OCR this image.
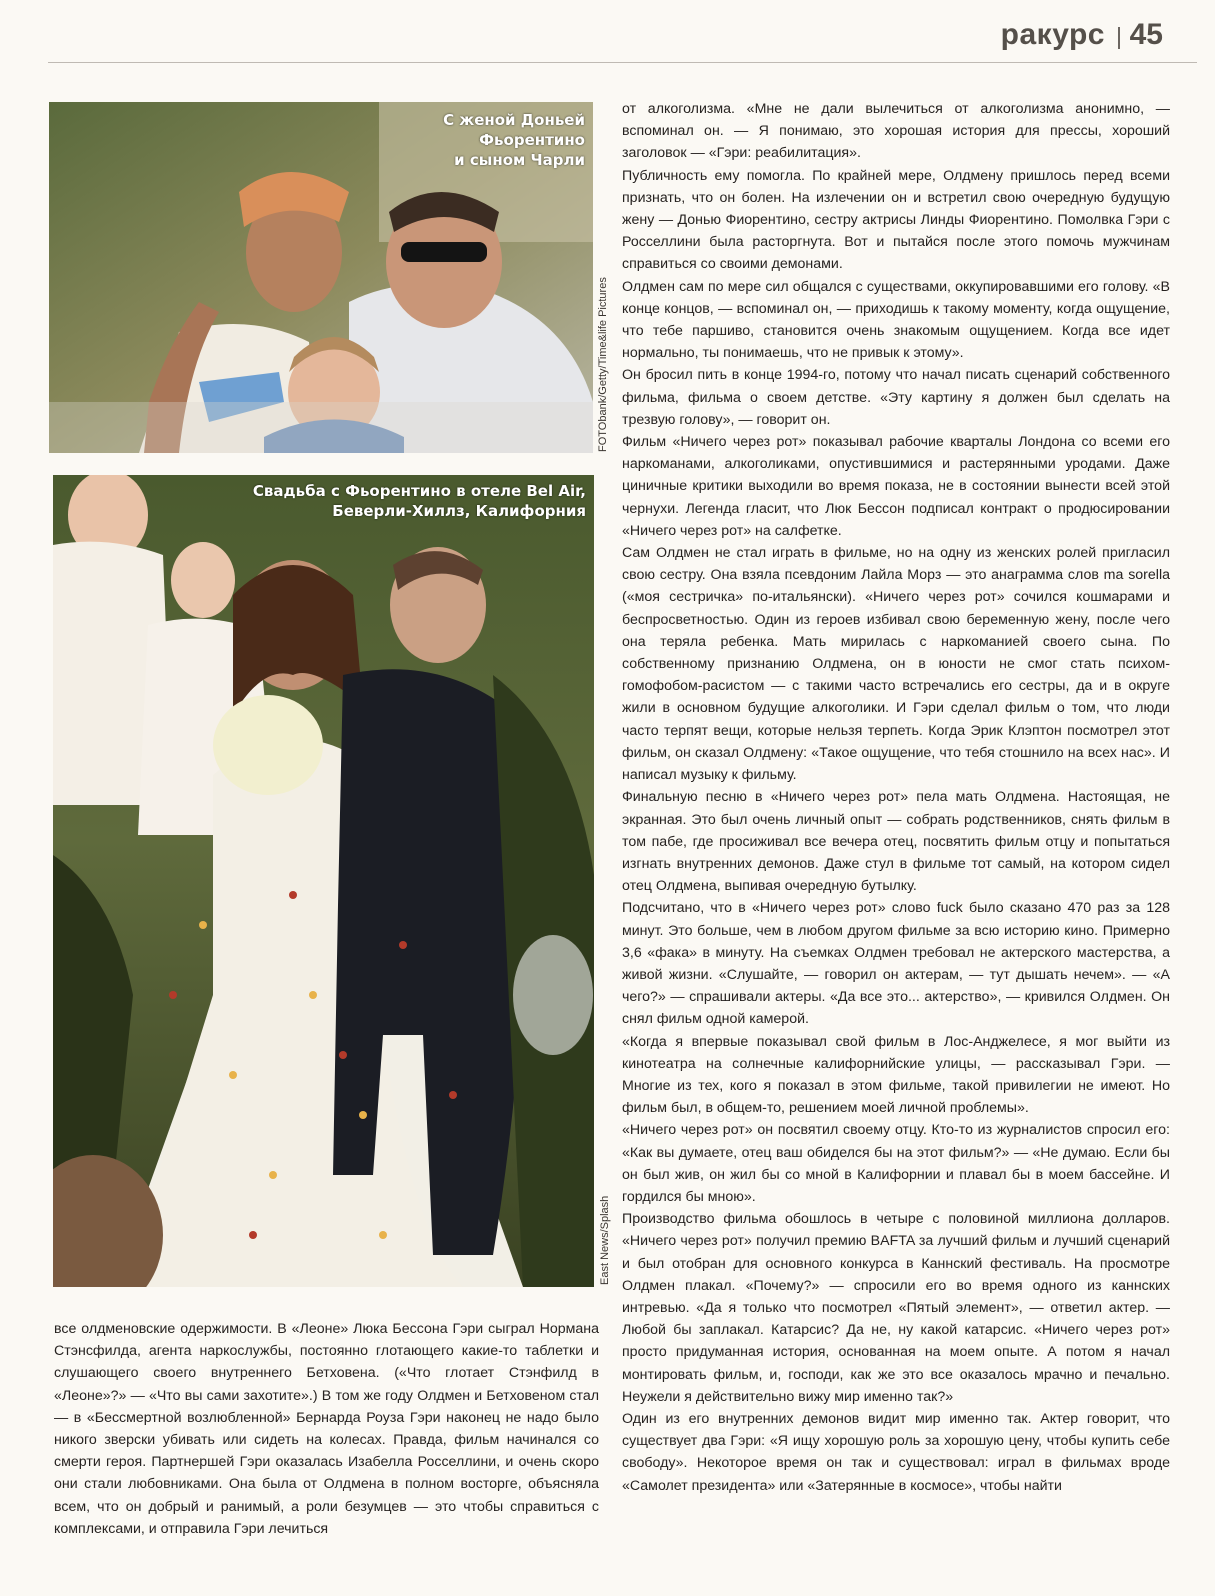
ракурс 45
С женой Доньей
Фьорентино
и сыном Чарли
FOTObank/Getty/Time&life Pictures
Свадьба с Фьорентино в отеле Bel Air,
Беверли-Хиллз, Калифорния
East News/Splash

от алкоголизма. «Мне не дали вылечиться от алкоголизма анонимно, — вспоминал он. — Я понимаю, это хорошая история для прессы, хороший заголовок — «Гэри: реабилитация».

Публичность ему помогла. По крайней мере, Олдмену пришлось перед всеми признать, что он болен. На излечении он и встретил свою очередную будущую жену — Донью Фиорентино, сестру актрисы Линды Фиорентино. Помолвка Гэри с Росселлини была расторгнута. Вот и пытайся после этого помочь мужчинам справиться со своими демонами.

Олдмен сам по мере сил общался с существами, оккупировавшими его голову. «В конце концов, — вспоминал он, — приходишь к такому моменту, когда ощущение, что тебе паршиво, становится очень знакомым ощущением. Когда все идет нормально, ты понимаешь, что не привык к этому».

Он бросил пить в конце 1994-го, потому что начал писать сценарий собственного фильма, фильма о своем детстве. «Эту картину я должен был сделать на трезвую голову», — говорит он.

Фильм «Ничего через рот» показывал рабочие кварталы Лондона со всеми его наркоманами, алкоголиками, опустившимися и растерянными уродами. Даже циничные критики выходили во время показа, не в состоянии вынести всей этой чернухи. Легенда гласит, что Люк Бессон подписал контракт о продюсировании «Ничего через рот» на салфетке.

Сам Олдмен не стал играть в фильме, но на одну из женских ролей пригласил свою сестру. Она взяла псевдоним Лайла Морз — это анаграмма слов ma sorella («моя сестричка» по-итальянски). «Ничего через рот» сочился кошмарами и беспросветностью. Один из героев избивал свою беременную жену, после чего она теряла ребенка. Мать мирилась с наркоманией своего сына. По собственному признанию Олдмена, он в юности не смог стать психом-гомофобом-расистом — с такими часто встречались его сестры, да и в округе жили в основном будущие алкоголики. И Гэри сделал фильм о том, что люди часто терпят вещи, которые нельзя терпеть. Когда Эрик Клэптон посмотрел этот фильм, он сказал Олдмену: «Такое ощущение, что тебя стошнило на всех нас». И написал музыку к фильму.

Финальную песню в «Ничего через рот» пела мать Олдмена. Настоящая, не экранная. Это был очень личный опыт — собрать родственников, снять фильм в том пабе, где просиживал все вечера отец, посвятить фильм отцу и попытаться изгнать внутренних демонов. Даже стул в фильме тот самый, на котором сидел отец Олдмена, выпивая очередную бутылку.

Подсчитано, что в «Ничего через рот» слово fuck было сказано 470 раз за 128 минут. Это больше, чем в любом другом фильме за всю историю кино. Примерно 3,6 «фака» в минуту. На съемках Олдмен требовал не актерского мастерства, а живой жизни. «Слушайте, — говорил он актерам, — тут дышать нечем». — «А чего?» — спрашивали актеры. «Да все это... актерство», — кривился Олдмен. Он снял фильм одной камерой.

«Когда я впервые показывал свой фильм в Лос-Анджелесе, я мог выйти из кинотеатра на солнечные калифорнийские улицы, — рассказывал Гэри. — Многие из тех, кого я показал в этом фильме, такой привилегии не имеют. Но фильм был, в общем-то, решением моей личной проблемы».

«Ничего через рот» он посвятил своему отцу. Кто-то из журналистов спросил его: «Как вы думаете, отец ваш обиделся бы на этот фильм?» — «Не думаю. Если бы он был жив, он жил бы со мной в Калифорнии и плавал бы в моем бассейне. И гордился бы мною».

Производство фильма обошлось в четыре с половиной миллиона долларов. «Ничего через рот» получил премию BAFTA за лучший фильм и лучший сценарий и был отобран для основного конкурса в Каннский фестиваль. На просмотре Олдмен плакал. «Почему?» — спросили его во время одного из каннских интревью. «Да я только что посмотрел «Пятый элемент», — ответил актер. — Любой бы заплакал. Катарсис? Да не, ну какой катарсис. «Ничего через рот» просто придуманная история, основанная на моем опыте. А потом я начал монтировать фильм, и, господи, как же это все оказалось мрачно и печально. Неужели я действительно вижу мир именно так?»

Один из его внутренних демонов видит мир именно так. Актер говорит, что существует два Гэри: «Я ищу хорошую роль за хорошую цену, чтобы купить себе свободу». Некоторое время он так и существовал: играл в фильмах вроде «Самолет президента» или «Затерянные в космосе», чтобы найти

все олдменовские одержимости. В «Леоне» Люка Бессона Гэри сыграл Нормана Стэнсфилда, агента наркослужбы, постоянно глотающего какие-то таблетки и слушающего своего внутреннего Бетховена. («Что глотает Стэнфилд в «Леоне»?» — «Что вы сами захотите».) В том же году Олдмен и Бетховеном стал — в «Бессмертной возлюбленной» Бернарда Роуза Гэри наконец не надо было никого зверски убивать или сидеть на колесах. Правда, фильм начинался со смерти героя. Партнершей Гэри оказалась Изабелла Росселлини, и очень скоро они стали любовниками. Она была от Олдмена в полном восторге, объясняла всем, что он добрый и ранимый, а роли безумцев — это чтобы справиться с комплексами, и отправила Гэри лечиться
